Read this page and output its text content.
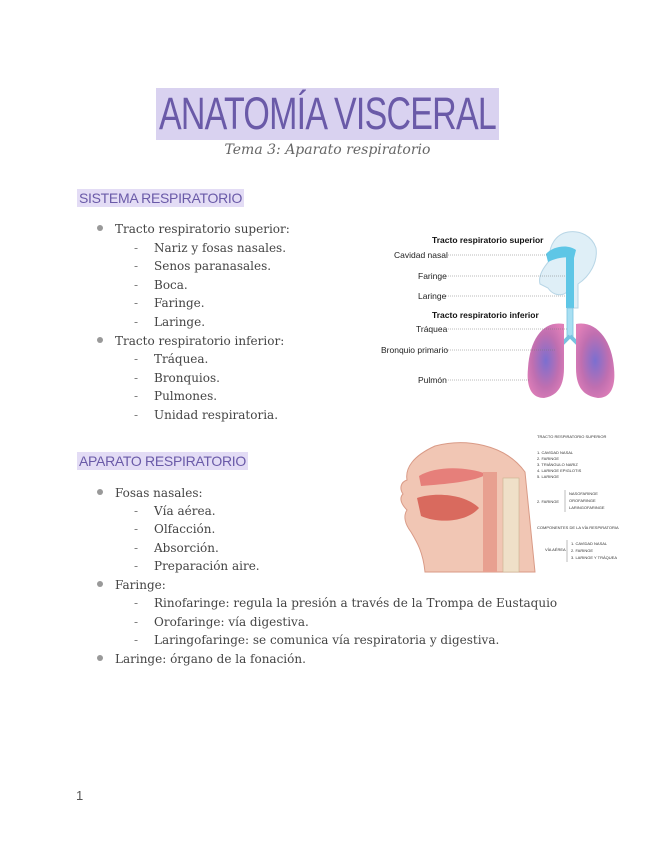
ANATOMÍA VISCERAL
Tema 3: Aparato respiratorio
SISTEMA RESPIRATORIO
Tracto respiratorio superior:
- Nariz y fosas nasales.
- Senos paranasales.
- Boca.
- Faringe.
- Laringe.
Tracto respiratorio inferior:
- Tráquea.
- Bronquios.
- Pulmones.
- Unidad respiratoria.
APARATO RESPIRATORIO
Fosas nasales:
- Vía aérea.
- Olfacción.
- Absorción.
- Preparación aire.
Faringe:
- Rinofaringe: regula la presión a través de la Trompa de Eustaquio
- Orofaringe: vía digestiva.
- Laringofaringe: se comunica vía respiratoria y digestiva.
Laringe: órgano de la fonación.
Tracto respiratorio superior
Tracto respiratorio inferior
Cavidad nasal
Faringe
Laringe
Tráquea
Bronquio primario
Pulmón
TRACTO RESPIRATORIO SUPERIOR
1. CAVIDAD NASAL
2. FARINGE
3. TRIÁNGULO NARIZ
4. LARINGE EPIGLOTIS
5. LARINGE
2. FARINGE
NASOFARINGE
OROFARINGE
LARINGOFARINGE
COMPONENTES DE LA VÍA RESPIRATORIA
VÍA AÉREA
1. CAVIDAD NASAL
2. FARINGE
3. LARINGE Y TRÁQUEA
1
